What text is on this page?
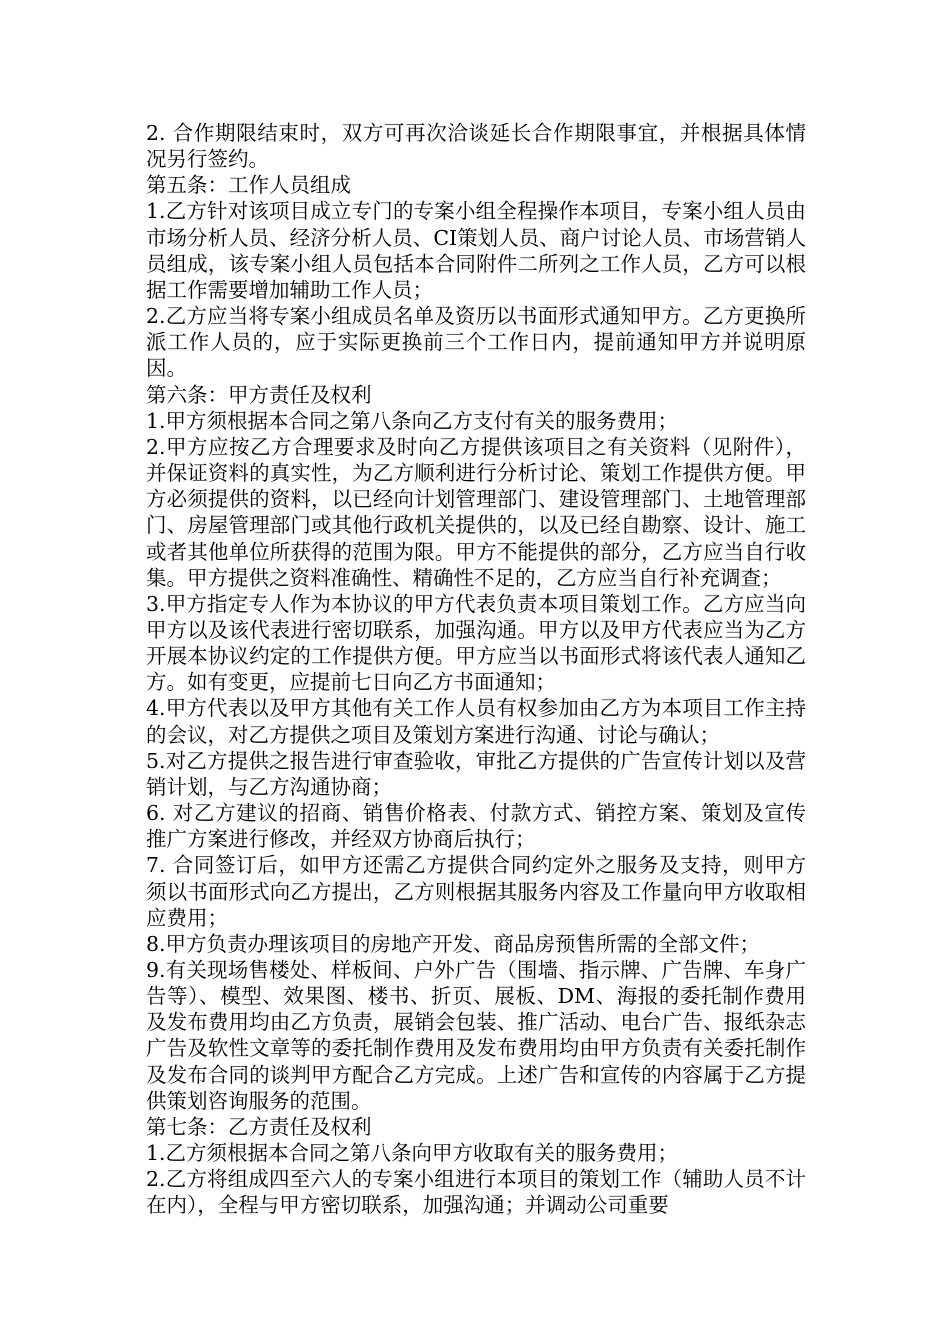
2. 合作期限结束时，双方可再次洽谈延长合作期限事宜，并根据具体情况另行签约。

第五条：工作人员组成

1.乙方针对该项目成立专门的专案小组全程操作本项目，专案小组人员由市场分析人员、经济分析人员、CI策划人员、商户讨论人员、市场营销人员组成，该专案小组人员包括本合同附件二所列之工作人员，乙方可以根据工作需要增加辅助工作人员；

2.乙方应当将专案小组成员名单及资历以书面形式通知甲方。乙方更换所派工作人员的，应于实际更换前三个工作日内，提前通知甲方并说明原因。

第六条：甲方责任及权利

1.甲方须根据本合同之第八条向乙方支付有关的服务费用；

2.甲方应按乙方合理要求及时向乙方提供该项目之有关资料（见附件），并保证资料的真实性，为乙方顺利进行分析讨论、策划工作提供方便。甲方必须提供的资料，以已经向计划管理部门、建设管理部门、土地管理部门、房屋管理部门或其他行政机关提供的，以及已经自勘察、设计、施工或者其他单位所获得的范围为限。甲方不能提供的部分，乙方应当自行收集。甲方提供之资料准确性、精确性不足的，乙方应当自行补充调查；

3.甲方指定专人作为本协议的甲方代表负责本项目策划工作。乙方应当向甲方以及该代表进行密切联系，加强沟通。甲方以及甲方代表应当为乙方开展本协议约定的工作提供方便。甲方应当以书面形式将该代表人通知乙方。如有变更，应提前七日向乙方书面通知；

4.甲方代表以及甲方其他有关工作人员有权参加由乙方为本项目工作主持的会议，对乙方提供之项目及策划方案进行沟通、讨论与确认；

5.对乙方提供之报告进行审查验收，审批乙方提供的广告宣传计划以及营销计划，与乙方沟通协商；

6. 对乙方建议的招商、销售价格表、付款方式、销控方案、策划及宣传推广方案进行修改，并经双方协商后执行；

7. 合同签订后，如甲方还需乙方提供合同约定外之服务及支持，则甲方须以书面形式向乙方提出，乙方则根据其服务内容及工作量向甲方收取相应费用；

8.甲方负责办理该项目的房地产开发、商品房预售所需的全部文件；

9.有关现场售楼处、样板间、户外广告（围墙、指示牌、广告牌、车身广告等）、模型、效果图、楼书、折页、展板、DM、海报的委托制作费用及发布费用均由乙方负责，展销会包装、推广活动、电台广告、报纸杂志广告及软性文章等的委托制作费用及发布费用均由甲方负责有关委托制作及发布合同的谈判甲方配合乙方完成。上述广告和宣传的内容属于乙方提供策划咨询服务的范围。

第七条：乙方责任及权利

1.乙方须根据本合同之第八条向甲方收取有关的服务费用；

2.乙方将组成四至六人的专案小组进行本项目的策划工作（辅助人员不计在内），全程与甲方密切联系，加强沟通；并调动公司重要
